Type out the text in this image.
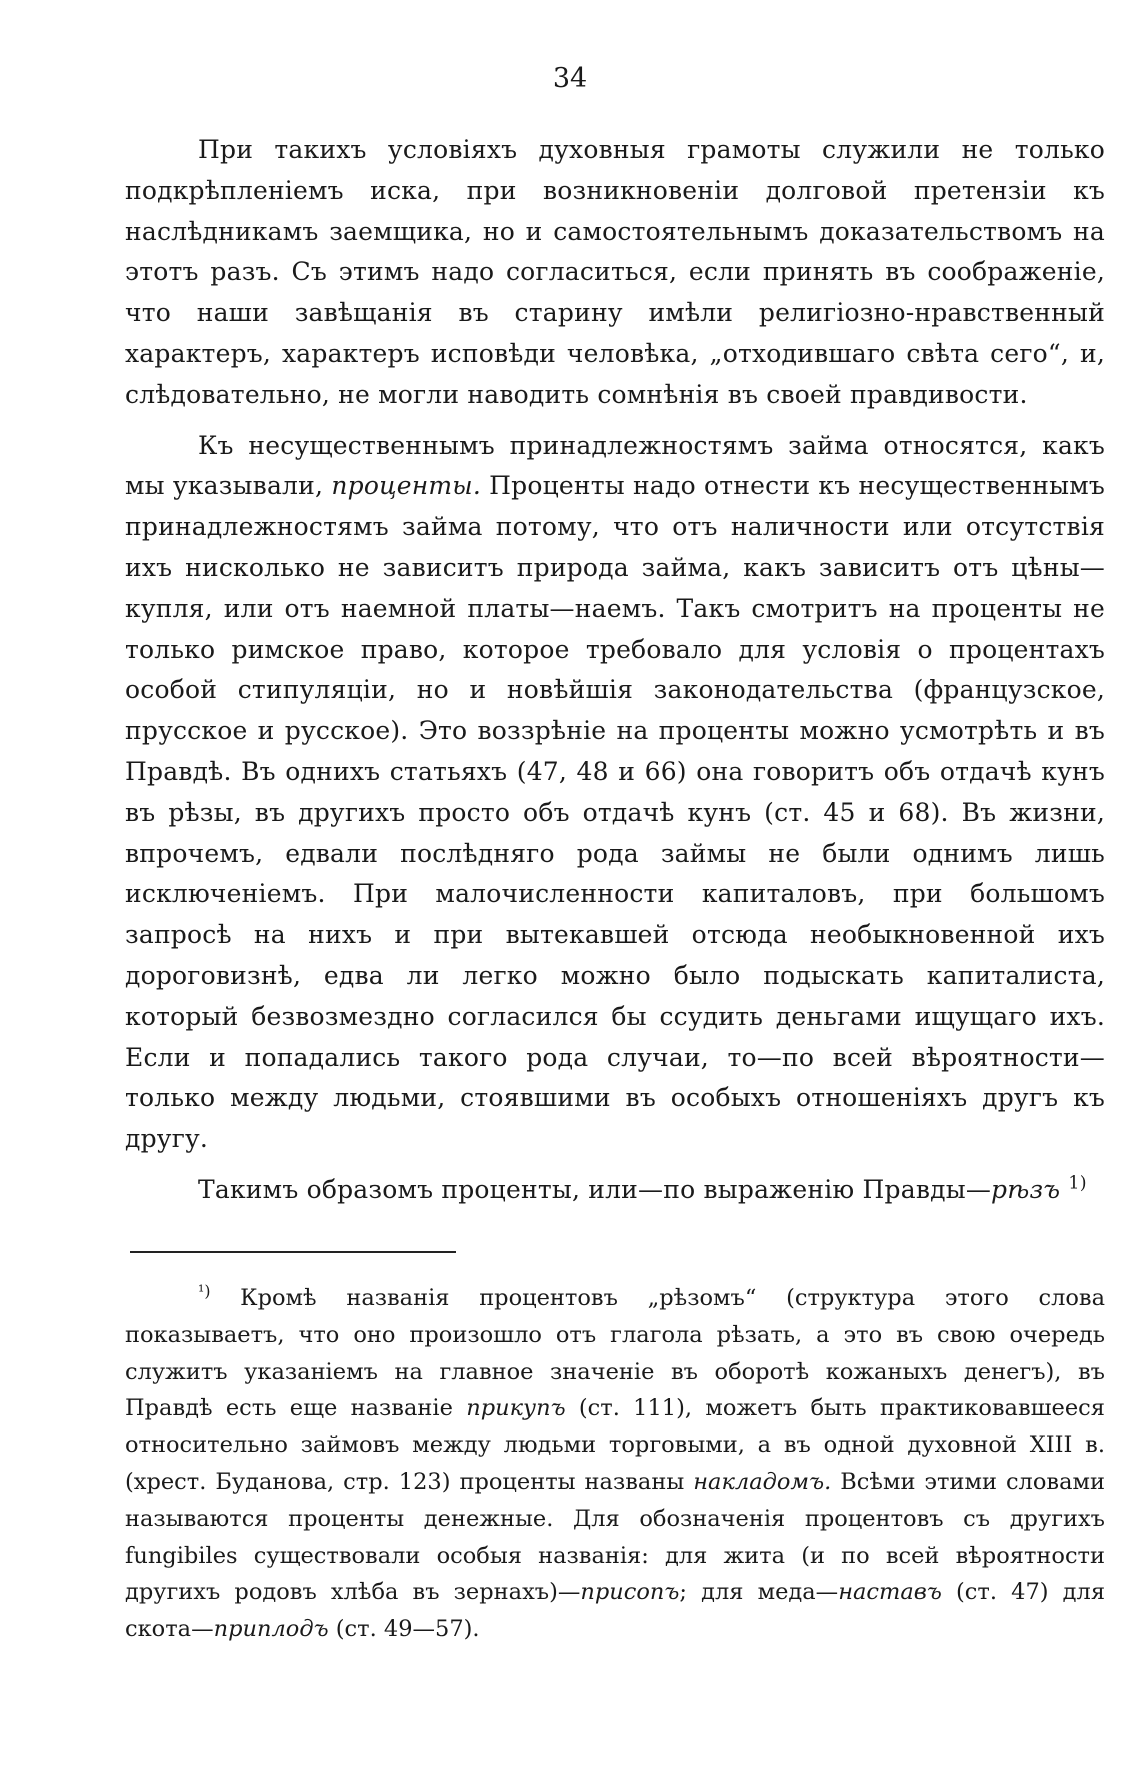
34

При такихъ условіяхъ духовныя грамоты служили не только подкрѣпленіемъ иска, при возникновеніи долговой претензіи къ наслѣдникамъ заемщика, но и самостоятельнымъ доказательствомъ на этотъ разъ. Съ этимъ надо согласиться, если принять въ соображеніе, что наши завѣщанія въ старину имѣли религіозно-нравственный характеръ, характеръ исповѣди человѣка, „отходившаго свѣта сего“, и, слѣдовательно, не могли наводить сомнѣнія въ своей правдивости.

Къ несущественнымъ принадлежностямъ займа относятся, какъ мы указывали, проценты. Проценты надо отнести къ несущественнымъ принадлежностямъ займа потому, что отъ наличности или отсутствія ихъ нисколько не зависитъ природа займа, какъ зависитъ отъ цѣны—купля, или отъ наемной платы—наемъ. Такъ смотритъ на проценты не только римское право, которое требовало для условія о процентахъ особой стипуляціи, но и новѣйшія законодательства (французское, прусское и русское). Это воззрѣніе на проценты можно усмотрѣть и въ Правдѣ. Въ однихъ статьяхъ (47, 48 и 66) она говоритъ объ отдачѣ кунъ въ рѣзы, въ другихъ просто объ отдачѣ кунъ (ст. 45 и 68). Въ жизни, впрочемъ, едвали послѣдняго рода займы не были однимъ лишь исключеніемъ. При малочисленности капиталовъ, при большомъ запросѣ на нихъ и при вытекавшей отсюда необыкновенной ихъ дороговизнѣ, едва ли легко можно было подыскать капиталиста, который безвозмездно согласился бы ссудить деньгами ищущаго ихъ. Если и попадались такого рода случаи, то—по всей вѣроятности—только между людьми, стоявшими въ особыхъ отношеніяхъ другъ къ другу.

Такимъ образомъ проценты, или—по выраженію Правды—рѣзъ $^{1)}$

$^{^1)}$ Кромѣ названія процентовъ „рѣзомъ“ (структура этого слова показываетъ, что оно произошло отъ глагола рѣзать, а это въ свою очередь служитъ указаніемъ на главное значеніе въ оборотѣ кожаныхъ денегъ), въ Правдѣ есть еще названіе прикупъ (ст. 111), можетъ быть практиковавшееся относительно займовъ между людьми торговыми, а въ одной духовной XIII в. (хрест. Буданова, стр. 123) проценты названы накладомъ. Всѣми этими словами называются проценты денежные. Для обозначенія процентовъ съ другихъ fungibiles существовали особыя названія: для жита (и по всей вѣроятности другихъ родовъ хлѣба въ зернахъ)—присопъ; для меда—наставъ (ст. 47) для скота—приплодъ (ст. 49—57).
